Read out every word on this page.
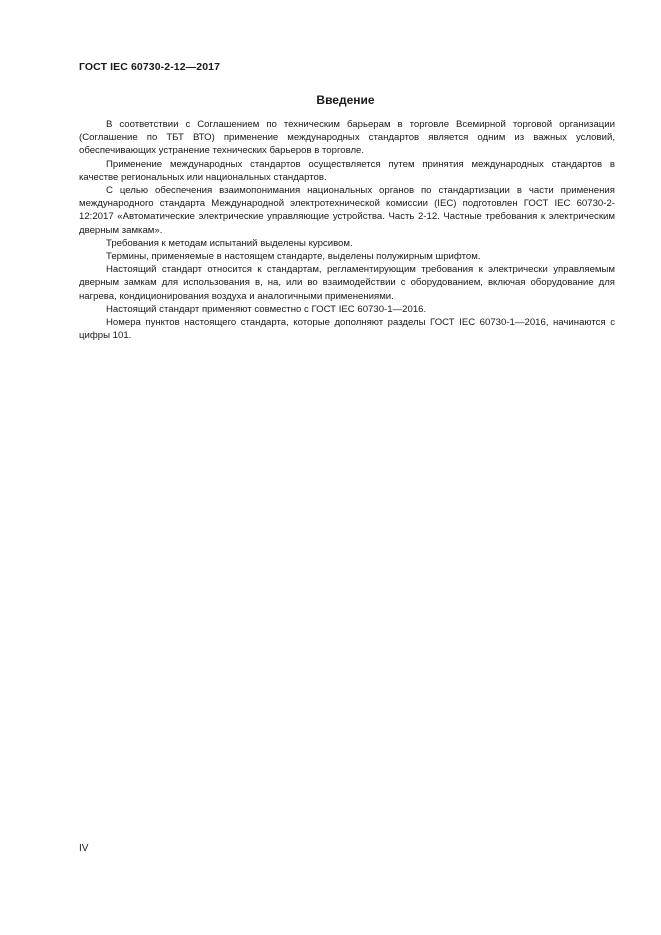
ГОСТ IEC 60730-2-12—2017
Введение

В соответствии с Соглашением по техническим барьерам в торговле Всемирной торговой организации (Соглашение по ТБТ ВТО) применение международных стандартов является одним из важных условий, обеспечивающих устранение технических барьеров в торговле.

Применение международных стандартов осуществляется путем принятия международных стандартов в качестве региональных или национальных стандартов.

С целью обеспечения взаимопонимания национальных органов по стандартизации в части применения международного стандарта Международной электротехнической комиссии (IEC) подготовлен ГОСТ IEC 60730-2-12:2017 «Автоматические электрические управляющие устройства. Часть 2-12. Частные требования к электрическим дверным замкам».

Требования к методам испытаний выделены курсивом.

Термины, применяемые в настоящем стандарте, выделены полужирным шрифтом.

Настоящий стандарт относится к стандартам, регламентирующим требования к электрически управляемым дверным замкам для использования в, на, или во взаимодействии с оборудованием, включая оборудование для нагрева, кондиционирования воздуха и аналогичными применениями.

Настоящий стандарт применяют совместно с ГОСТ IEC 60730-1—2016.

Номера пунктов настоящего стандарта, которые дополняют разделы ГОСТ IEC 60730-1—2016, начинаются с цифры 101.

IV
